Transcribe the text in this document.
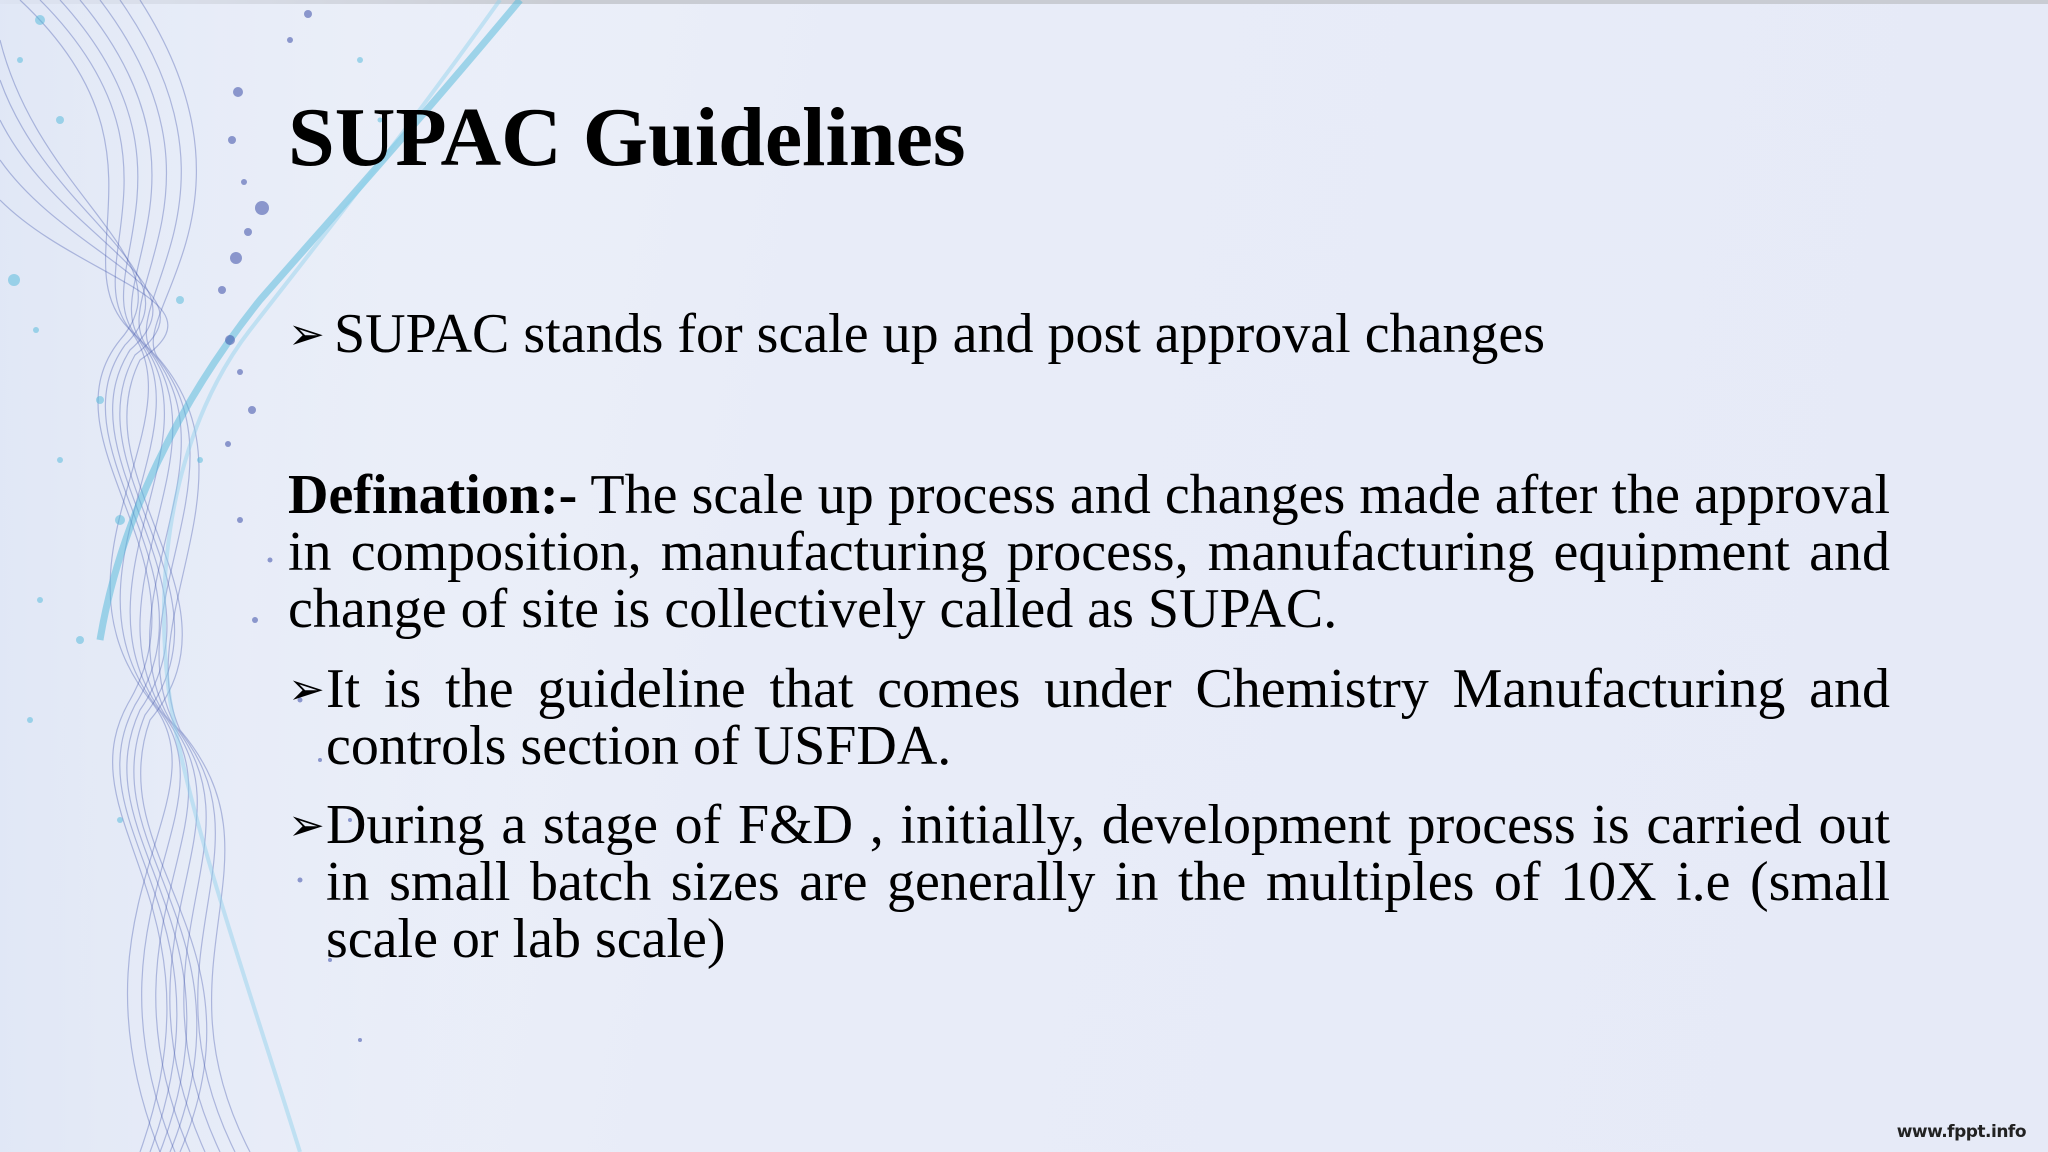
SUPAC Guidelines
➢ SUPAC stands for scale up and post approval changes

Defination:- The scale up process and changes made after the approval in composition, manufacturing process, manufacturing equipment and change of site is collectively called as SUPAC.

➢It is the guideline that comes under Chemistry Manufacturing and controls section of USFDA.

➢During a stage of F&D , initially, development process is carried out in small batch sizes are generally in the multiples of 10X i.e (small scale or lab scale)

www.fppt.info
